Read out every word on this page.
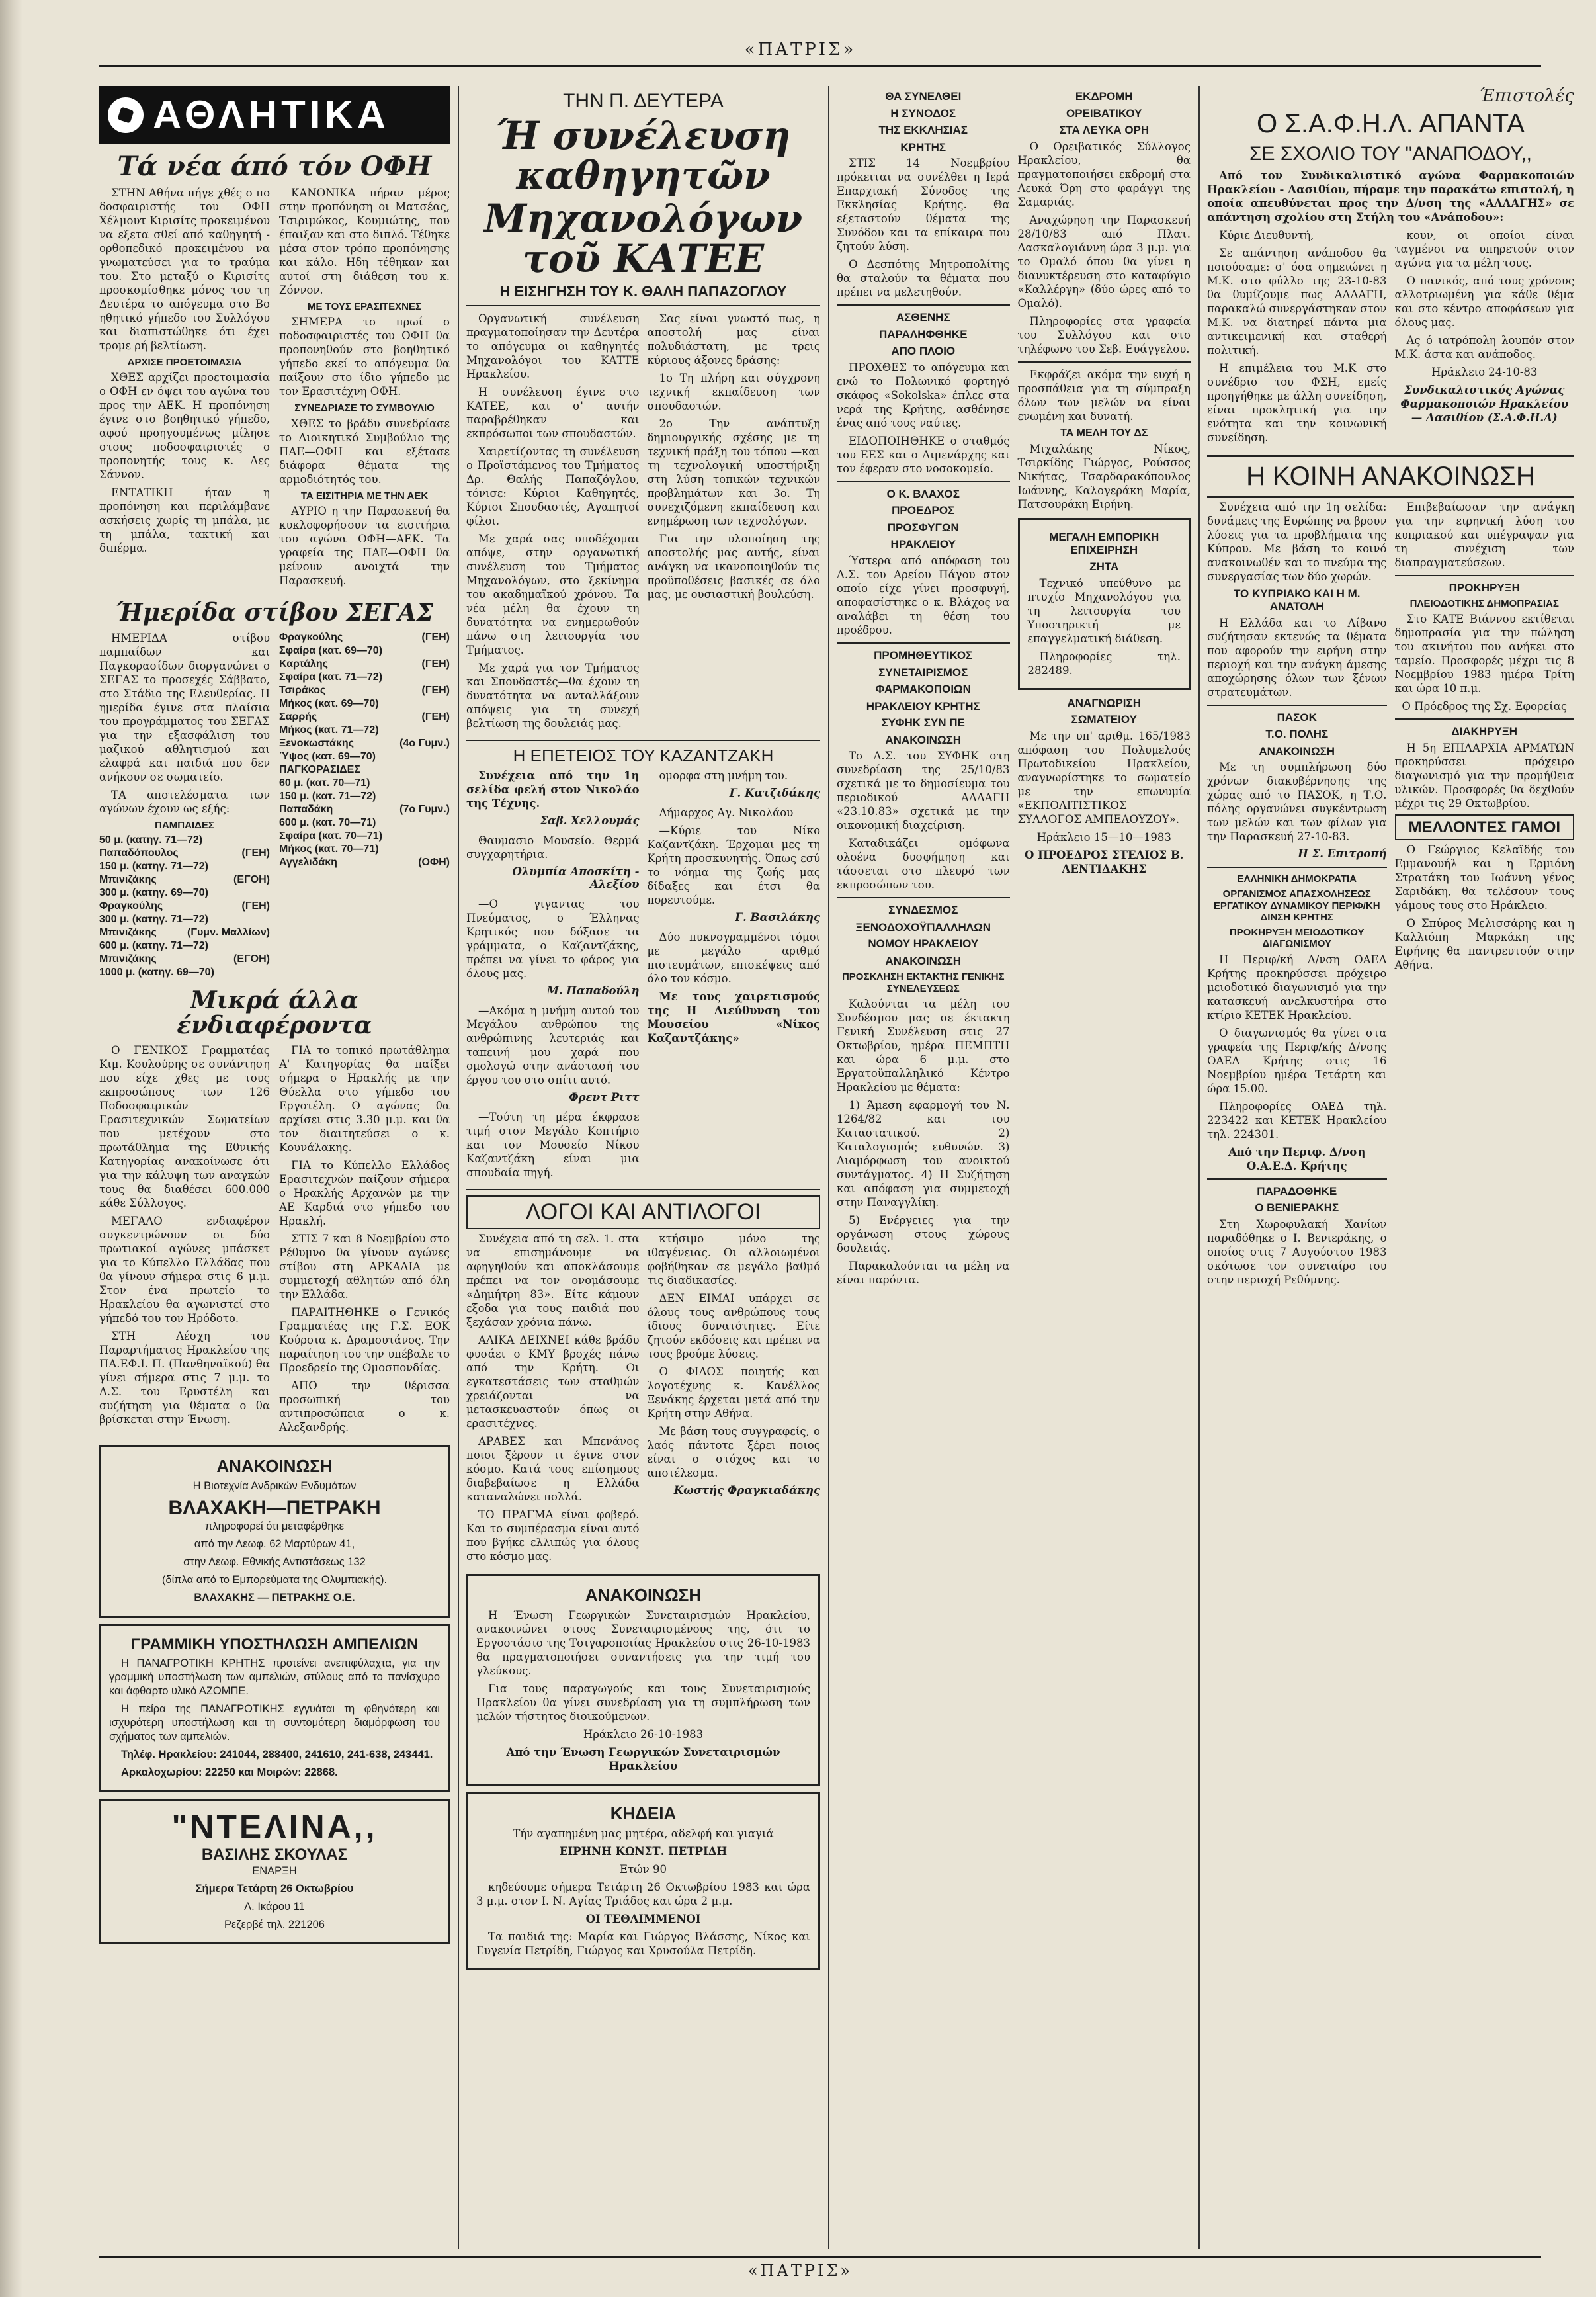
«ΠΑΤΡΙΣ»
ΑΘΛΗΤΙΚΑ
Τά νέα άπό τόν ΟΦΗ

ΣΤΗΝ Αθήνα πήγε χθές ο πο δοσφαιριστής του ΟΦΗ Χέλμουτ Κιρισίτς προκειμένου να εξετα σθεί από καθηγητή - ορθοπεδικό προκειμένου να γνωματεύσει για το τραύμα του. Στο μεταξύ ο Κιρισίτς προσκομίσθηκε μόνος του τη Δευτέρα το απόγευμα στο Βο ηθητικό γήπεδο του Συλλόγου και διαπιστώθηκε ότι έχει τρομε ρή βελτίωση.

ΑΡΧΙΣΕ ΠΡΟΕΤΟΙΜΑΣΙΑ

ΧΘΕΣ αρχίζει προετοιμασία ο ΟΦΗ εν όψει του αγώνα του προς την ΑΕΚ. Η προπόνηση έγινε στο βοηθητικό γήπεδο, αφού προηγουμένως μίλησε στους ποδοσφαιριστές ο προπονητής τους κ. Λες Σάννον.

ΕΝΤΑΤΙΚΗ ήταν η προπόνηση και περιλάμβανε ασκήσεις χωρίς τη μπάλα, με τη μπάλα, τακτική και διπέρμα.

ΚΑΝΟΝΙΚΑ πήραν μέρος στην προπόνηση οι Ματσέας, Τσιριμώκος, Κουμιώτης, που έπαιξαν και στο διπλό. Τέθηκε μέσα στον τρόπο προπόνησης και κάλο. Ηδη τέθηκαν και αυτοί στη διάθεση του κ. Ζόννον.

ΜΕ ΤΟΥΣ ΕΡΑΣΙΤΕΧΝΕΣ

ΣΗΜΕΡΑ το πρωί ο ποδοσφαιριστές του ΟΦΗ θα προπονηθούν στο βοηθητικό γήπεδο εκεί το απόγευμα θα παίξουν στο ίδιο γήπεδο με τον Ερασιτέχνη ΟΦΗ.

ΣΥΝΕΔΡΙΑΣΕ ΤΟ ΣΥΜΒΟΥΛΙΟ

ΧΘΕΣ το βράδυ συνεδρίασε το Διοικητικό Συμβούλιο της ΠΑΕ—ΟΦΗ και εξέτασε διάφορα θέματα της αρμοδιότητός του.

ΤΑ ΕΙΣΙΤΗΡΙΑ ΜΕ ΤΗΝ ΑΕΚ

ΑΥΡΙΟ η την Παρασκευή θα κυκλοφορήσουν τα εισιτήρια του αγώνα ΟΦΗ—ΑΕΚ. Τα γραφεία της ΠΑΕ—ΟΦΗ θα μείνουν ανοιχτά την Παρασκευή.

Ήμερίδα στίβου ΣΕΓΑΣ

ΗΜΕΡΙΔΑ στίβου παμπαίδων και Παγκορασίδων διοργανώνει ο ΣΕΓΑΣ το προσεχές Σάββατο, στο Στάδιο της Ελευθερίας. Η ημερίδα έγινε στα πλαίσια του προγράμματος του ΣΕΓΑΣ για την εξασφάλιση του μαζικού αθλητισμού και ελαφρά και παιδιά που δεν ανήκουν σε σωματείο.

ΤΑ αποτελέσματα των αγώνων έχουν ως εξής:

ΠΑΜΠΑΙΔΕΣ
50 μ. (κατηγ. 71—72)
Παπαδόπουλος	(ΓΕΗ)
150 μ. (κατηγ. 71—72)
Μπινιζάκης	(ΕΓΟΗ)
300 μ. (κατηγ. 69—70)
Φραγκούλης	(ΓΕΗ)
300 μ. (κατηγ. 71—72)
Μπινιζάκης	(Γυμν. Μαλλίων)
600 μ. (κατηγ. 71—72)
Μπινιζάκης	(ΕΓΟΗ)
1000 μ. (κατηγ. 69—70)
Φραγκούλης	(ΓΕΗ)
Σφαίρα (κατ. 69—70)
Καρτάλης	(ΓΕΗ)
Σφαίρα (κατ. 71—72)
Τσιράκος	(ΓΕΗ)
Μήκος (κατ. 69—70)
Σαρρής	(ΓΕΗ)
Μήκος (κατ. 71—72)
Ξενοκωστάκης	(4ο Γυμν.)
Ύψος (κατ. 69—70)
ΠΑΓΚΟΡΑΣΙΔΕΣ
60 μ. (κατ. 70—71)
150 μ. (κατ. 71—72)
Παπαδάκη	(7ο Γυμν.)
600 μ. (κατ. 70—71)
Σφαίρα (κατ. 70—71)
Μήκος (κατ. 70—71)
Αγγελιδάκη	(ΟΦΗ)
Μικρά άλλα ένδιαφέροντα

Ο ΓΕΝΙΚΟΣ Γραμματέας Κιμ. Κουλούρης σε συνάντηση που είχε χθες με τους εκπροσώπους των 126 Ποδοσφαιρικών Ερασιτεχνικών Σωματείων που μετέχουν στο πρωτάθλημα της Εθνικής Κατηγορίας ανακοίνωσε ότι για την κάλυψη των αναγκών τους θα διαθέσει 600.000 κάθε Σύλλογος.

ΜΕΓΑΛΟ ενδιαφέρον συγκεντρώνουν οι δύο πρωτιακοί αγώνες μπάσκετ για το Κύπελλο Ελλάδας που θα γίνουν σήμερα στις 6 μ.μ. Στον ένα πρωτείο το Ηρακλείου θα αγωνιστεί στο γήπεδό του τον Ηρόδοτο.

ΣΤΗ Λέσχη του Παραρτήματος Ηρακλείου της ΠΑ.ΕΦ.Ι. Π. (Πανθηναϊκού) θα γίνει σήμερα στις 7 μ.μ. το Δ.Σ. του Ερυστέλη και συζήτηση για θέματα ο θα βρίσκεται στην Ένωση.

ΓΙΑ το τοπικό πρωτάθλημα Α' Κατηγορίας θα παίξει σήμερα ο Ηρακλής με την Θύελλα στο γήπεδο του Εργοτέλη. Ο αγώνας θα αρχίσει στις 3.30 μ.μ. και θα τον διαιτητεύσει ο κ. Κουνάλακης.

ΓΙΑ το Κύπελλο Ελλάδος Ερασιτεχνών παίζουν σήμερα ο Ηρακλής Αρχανών με την ΑΕ Καρδιά στο γήπεδο του Ηρακλή.

ΣΤΙΣ 7 και 8 Νοεμβρίου στο Ρέθυμνο θα γίνουν αγώνες στίβου στη ΑΡΚΑΔΙΑ με συμμετοχή αθλητών από όλη την Ελλάδα.

ΠΑΡΑΙΤΗΘΗΚΕ ο Γενικός Γραμματέας της Γ.Σ. ΕΟΚ Κούρσια κ. Δραμουτάνος. Την παραίτηση του την υπέβαλε το Προεδρείο της Ομοσπονδίας.

ΑΠΟ την θέρισσα προσωπική του αντιπροσώπεια ο κ. Αλεξανδρής.

ΑΝΑΚΟΙΝΩΣΗ

Η Βιοτεχνία Ανδρικών Ενδυμάτων

ΒΛΑΧΑΚΗ—ΠΕΤΡΑΚΗ

πληροφορεί ότι μεταφέρθηκε

από την Λεωφ. 62 Μαρτύρων 41,

στην Λεωφ. Εθνικής Αντιστάσεως 132

(δίπλα από το Εμπορεύματα της Ολυμπιακής).

ΒΛΑΧΑΚΗΣ — ΠΕΤΡΑΚΗΣ Ο.Ε.

ΓΡΑΜΜΙΚΗ ΥΠΟΣΤΗΛΩΣΗ ΑΜΠΕΛΙΩΝ

Η ΠΑΝΑΓΡΟΤΙΚΗ ΚΡΗΤΗΣ προτείνει ανεπιφύλαχτα, για την γραμμική υποστήλωση των αμπελιών, στύλους από το πανίσχυρο και άφθαρτο υλικό ΑΖΟΜΠΕ.

Η πείρα της ΠΑΝΑΓΡΟΤΙΚΗΣ εγγυάται τη φθηνότερη και ισχυρότερη υποστήλωση και τη συντομότερη διαμόρφωση του σχήματος των αμπελιών.

Τηλέφ. Ηρακλείου: 241044, 288400, 241610, 241-638, 243441.

Αρκαλοχωρίου: 22250 και Μοιρών: 22868.

"ΝΤΕΛΙΝΑ,,
ΒΑΣΙΛΗΣ ΣΚΟΥΛΑΣ

ΕΝΑΡΞΗ

Σήμερα Τετάρτη 26 Οκτωβρίου

Λ. Ικάρου 11

Ρεζερβέ τηλ. 221206

ΤΗΝ Π. ΔΕΥΤΕΡΑ
Ή συνέλευση καθηγητῶν
Μηχανολόγων τοῦ ΚΑΤΕΕ
Η ΕΙΣΗΓΗΣΗ ΤΟΥ Κ. ΘΑΛΗ ΠΑΠΑΖΟΓΛΟΥ

Οργανωτική συνέλευση πραγματοποίησαν την Δευτέρα το απόγευμα οι καθηγητές Μηχανολόγοι του ΚΑΤΤΕ Ηρακλείου.

Η συνέλευση έγινε στο ΚΑΤΕΕ, και σ' αυτήν παραβρέθηκαν και εκπρόσωποι των σπουδαστών.

Χαιρετίζοντας τη συνέλευση ο Προϊστάμενος του Τμήματος Δρ. Θαλής Παπαζόγλου, τόνισε: Κύριοι Καθηγητές, Κύριοι Σπουδαστές, Αγαπητοί φίλοι.

Με χαρά σας υποδέχομαι απόψε, στην οργανωτική συνέλευση του Τμήματος Μηχανολόγων, στο ξεκίνημα του ακαδημαϊκού χρόνου. Τα νέα μέλη θα έχουν τη δυνατότητα να ενημερωθούν πάνω στη λειτουργία του Τμήματος.

Με χαρά για τον Τμήματος και Σπουδαστές—θα έχουν τη δυνατότητα να ανταλλάξουν απόψεις για τη συνεχή βελτίωση της δουλειάς μας.

Σας είναι γνωστό πως, η αποστολή μας είναι πολυδιάστατη, με τρεις κύριους άξονες δράσης:

1ο Τη πλήρη και σύγχρονη τεχνική εκπαίδευση των σπουδαστών.

2ο Την ανάπτυξη δημιουργικής σχέσης με τη τεχνική πράξη του τόπου —και τη τεχνολογική υποστήριξη στη λύση τοπικών τεχνικών προβλημάτων και 3ο. Τη συνεχιζόμενη εκπαίδευση και ενημέρωση των τεχνολόγων.

Για την υλοποίηση της αποστολής μας αυτής, είναι ανάγκη να ικανοποιηθούν τις προϋποθέσεις βασικές σε όλο μας, με ουσιαστική βουλεύση.

Η ΕΠΕΤΕΙΟΣ ΤΟΥ ΚΑΖΑΝΤΖΑΚΗ

Συνέχεια από την 1η σελίδα φελή στον Νικολάο της Τέχνης.

Σαβ. Χελλουμάς

Θαυμασιο Μουσείο. Θερμά συγχαρητήρια.

Ολυμπία Αποσκίτη - Αλεξίου

—Ο γιγαντας του Πνεύματος, ο Έλληνας Κρητικός που δόξασε τα γράμματα, ο Καζαντζάκης, πρέπει να γίνει το φάρος για όλους μας.

Μ. Παπαδούλη

—Ακόμα η μνήμη αυτού του Μεγάλου ανθρώπου της ανθρώπινης λευτεριάς και ταπεινή μου χαρά που ομολογώ στην ανάστασή του έργου του στο σπίτι αυτό.

Φρεντ Ριττ

—Τούτη τη μέρα έκφρασε τιμή στον Μεγάλο Κοπτήριο και τον Μουσείο Νίκου Καζαντζάκη είναι μια σπουδαία πηγή.

ομορφα στη μνήμη του.

Γ. Κατζιδάκης

Δήμαρχος Αγ. Νικολάου

—Κύριε του Νίκο Καζαντζάκη. Έρχομαι μες τη Κρήτη προσκυνητής. Όπως εσύ το νόημα της ζωής μας δίδαξες και έτσι θα πορευτούμε.

Γ. Βασιλάκης

Δύο πυκνογραμμένοι τόμοι με μεγάλο αριθμό πιστευμάτων, επισκέψεις από όλο τον κόσμο.

Με τους χαιρετισμούς της Η Διεύθυνση του Μουσείου «Νίκος Καζαντζάκης»

ΛΟΓΟΙ ΚΑΙ ΑΝΤΙΛΟΓΟΙ

Συνέχεια από τη σελ. 1. στα να επισημάνουμε να αφηγηθούν και αποκλάσουμε πρέπει να τον ονομάσουμε «Δημήτρη 83». Είτε κάμουν εξοδα για τους παιδιά που ξεχάσαν χρόνια πάνω.

ΑΛΙΚΑ ΔΕΙΧΝΕΙ κάθε βράδυ φυσάει ο ΚΜΥ βροχές πάνω από την Κρήτη. Οι εγκατεστάσεις των σταθμών χρειάζονται να μετασκευαστούν όπως οι ερασιτέχνες.

ΑΡΑΒΕΣ και Μπενάνος ποιοι ξέρουν τι έγινε στον κόσμο. Κατά τους επίσημους διαβεβαίωσε η Ελλάδα καταναλώνει πολλά.

ΤΟ ΠΡΑΓΜΑ είναι φοβερό. Και το συμπέρασμα είναι αυτό που βγήκε ελλιπώς για όλους στο κόσμο μας.

κτήσιμο μόνο της ιθαγένειας. Οι αλλοιωμένοι φοβήθηκαν σε μεγάλο βαθμό τις διαδικασίες.

ΔΕΝ ΕΙΜΑΙ υπάρχει σε όλους τους ανθρώπους τους ίδιους δυνατότητες. Είτε ζητούν εκδόσεις και πρέπει να τους βρούμε λύσεις.

Ο ΦΙΛΟΣ ποιητής και λογοτέχνης κ. Κανέλλος Ξενάκης έρχεται μετά από την Κρήτη στην Αθήνα.

Με βάση τους συγγραφείς, ο λαός πάντοτε ξέρει ποιος είναι ο στόχος και το αποτέλεσμα.

Κωστής Φραγκιαδάκης
ΑΝΑΚΟΙΝΩΣΗ

Η Ένωση Γεωργικών Συνεταιρισμών Ηρακλείου, ανακοινώνει στους Συνεταιρισμένους της, ότι το Εργοστάσιο της Τσιγαροποιίας Ηρακλείου στις 26-10-1983 θα πραγματοποιήσει συναντήσεις για την τιμή του γλεύκους.

Για τους παραγωγούς και τους Συνεταιρισμούς Ηρακλείου θα γίνει συνεδρίαση για τη συμπλήρωση των μελών τήστητος διοικούμενων.

Ηράκλειο 26-10-1983

Από την Ένωση Γεωργικών Συνεταιρισμών Ηρακλείου

ΚΗΔΕΙΑ

Τήν αγαπημένη μας μητέρα, αδελφή και γιαγιά

ΕΙΡΗΝΗ ΚΩΝΣΤ. ΠΕΤΡΙΔΗ

Ετών 90

κηδεύουμε σήμερα Τετάρτη 26 Οκτωβρίου 1983 και ώρα 3 μ.μ. στον Ι. Ν. Αγίας Τριάδος και ώρα 2 μ.μ.

ΟΙ ΤΕΘΛΙΜΜΕΝΟΙ

Τα παιδιά της: Μαρία και Γιώργος Βλάσσης, Νίκος και Ευγενία Πετρίδη, Γιώργος και Χρυσούλα Πετρίδη.

ΘΑ ΣΥΝΕΛΘΕΙ
Η ΣΥΝΟΔΟΣ
ΤΗΣ ΕΚΚΛΗΣΙΑΣ
ΚΡΗΤΗΣ

ΣΤΙΣ 14 Νοεμβρίου πρόκειται να συνέλθει η Ιερά Επαρχιακή Σύνοδος της Εκκλησίας Κρήτης. Θα εξεταστούν θέματα της Συνόδου και τα επίκαιρα που ζητούν λύση.

Ο Δεσπότης Μητροπολίτης θα σταλούν τα θέματα που πρέπει να μελετηθούν.

ΑΣΘΕΝΗΣ
ΠΑΡΑΛΗΦΘΗΚΕ
ΑΠΟ ΠΛΟΙΟ

ΠΡΟΧΘΕΣ το απόγευμα και ενώ το Πολωνικό φορτηγό σκάφος «Sokolska» έπλεε στα νερά της Κρήτης, ασθένησε ένας από τους ναύτες.

ΕΙΔΟΠΟΙΗΘΗΚΕ ο σταθμός του ΕΕΣ και ο Λιμενάρχης και τον έφεραν στο νοσοκομείο.

Ο Κ. ΒΛΑΧΟΣ
ΠΡΟΕΔΡΟΣ
ΠΡΟΣΦΥΓΩΝ
ΗΡΑΚΛΕΙΟΥ

Ύστερα από απόφαση του Δ.Σ. του Αρείου Πάγου στον οποίο είχε γίνει προσφυγή, αποφασίστηκε ο κ. Βλάχος να αναλάβει τη θέση του προέδρου.

ΠΡΟΜΗΘΕΥΤΙΚΟΣ
ΣΥΝΕΤΑΙΡΙΣΜΟΣ
ΦΑΡΜΑΚΟΠΟΙΩΝ
ΗΡΑΚΛΕΙΟΥ ΚΡΗΤΗΣ
ΣΥΦΗΚ ΣΥΝ ΠΕ
ΑΝΑΚΟΙΝΩΣΗ

Το Δ.Σ. του ΣΥΦΗΚ στη συνεδρίαση της 25/10/83 σχετικά με το δημοσίευμα του περιοδικού ΑΛΛΑΓΗ «23.10.83» σχετικά με την οικονομική διαχείριση.

Καταδικάζει ομόφωνα ολοένα δυσφήμηση και τάσσεται στο πλευρό των εκπροσώπων του.

ΣΥΝΔΕΣΜΟΣ
ΞΕΝΟΔΟΧΟΫΠΑΛΛΗΛΩΝ
ΝΟΜΟΥ ΗΡΑΚΛΕΙΟΥ
ΑΝΑΚΟΙΝΩΣΗ
ΠΡΟΣΚΛΗΣΗ ΕΚΤΑΚΤΗΣ ΓΕΝΙΚΗΣ ΣΥΝΕΛΕΥΣΕΩΣ

Καλούνται τα μέλη του Συνδέσμου μας σε έκτακτη Γενική Συνέλευση στις 27 Οκτωβρίου, ημέρα ΠΕΜΠΤΗ και ώρα 6 μ.μ. στο Εργατοϋπαλληλικό Κέντρο Ηρακλείου με θέματα:

1) Άμεση εφαρμογή του Ν. 1264/82 και του Καταστατικού. 2) Καταλογισμός ευθυνών. 3) Διαμόρφωση του ανοικτού συντάγματος. 4) Η Συζήτηση και απόφαση για συμμετοχή στην Παναγγλίκη.

5) Ενέργειες για την οργάνωση στους χώρους δουλειάς.

Παρακαλούνται τα μέλη να είναι παρόντα.

ΕΚΔΡΟΜΗ
ΟΡΕΙΒΑΤΙΚΟΥ
ΣΤΑ ΛΕΥΚΑ ΟΡΗ

Ο Ορειβατικός Σύλλογος Ηρακλείου, θα πραγματοποιήσει εκδρομή στα Λευκά Όρη στο φαράγγι της Σαμαριάς.

Αναχώρηση την Παρασκευή 28/10/83 από Πλατ. Δασκαλογιάννη ώρα 3 μ.μ. για το Ομαλό όπου θα γίνει η διανυκτέρευση στο καταφύγιο «Καλλέργη» (δύο ώρες από το Ομαλό).

Πληροφορίες στα γραφεία του Συλλόγου και στο τηλέφωνο του Σεβ. Ευάγγελου.

Εκφράζει ακόμα την ευχή η προσπάθεια για τη σύμπραξη όλων των μελών να είναι ενωμένη και δυνατή.

ΤΑ ΜΕΛΗ ΤΟΥ ΔΣ

Μιχαλάκης Νίκος, Τσιρκίδης Γιώργος, Ρούσσος Νικήτας, Τσαρδαρακόπουλος Ιωάννης, Καλογεράκη Μαρία, Πατσουράκη Ειρήνη.

ΜΕΓΑΛΗ ΕΜΠΟΡΙΚΗ ΕΠΙΧΕΙΡΗΣΗ
ΖΗΤΑ

Τεχνικό υπεύθυνο με πτυχίο Μηχανολόγου για τη λειτουργία του Υποστηρικτή με επαγγελματική διάθεση.

Πληροφορίες τηλ. 282489.

ΑΝΑΓΝΩΡΙΣΗ
ΣΩΜΑΤΕΙΟΥ

Με την υπ' αριθμ. 165/1983 απόφαση του Πολυμελούς Πρωτοδικείου Ηρακλείου, αναγνωρίστηκε το σωματείο με την επωνυμία «ΕΚΠΟΛΙΤΙΣΤΙΚΟΣ ΣΥΛΛΟΓΟΣ ΑΜΠΕΛΟΥΖΟΥ».

Ηράκλειο 15—10—1983

Ο ΠΡΟΕΔΡΟΣ ΣΤΕΛΙΟΣ Β. ΛΕΝΤΙΔΑΚΗΣ

Έπιστολές
Ο Σ.Α.Φ.Η.Λ. ΑΠΑΝΤΑ
ΣΕ ΣΧΟΛΙΟ ΤΟΥ "ΑΝΑΠΟΔΟΥ,,

Από τον Συνδικαλιστικό αγώνα Φαρμακοποιών Ηρακλείου - Λασιθίου, πήραμε την παρακάτω επιστολή, η οποία απευθύνεται προς την Δ/νση της «ΑΛΛΑΓΗΣ» σε απάντηση σχολίου στη Στήλη του «Ανάποδου»:

Κύριε Διευθυντή,

Σε απάντηση ανάποδου θα ποιούσαμε: σ' όσα σημειώνει η Μ.Κ. στο φύλλο της 23-10-83 θα θυμίζουμε πως ΑΛΛΑΓΗ, παρακαλώ συνεργάστηκαν στον Μ.Κ. να διατηρεί πάντα μια αντικειμενική και σταθερή πολιτική.

Η επιμέλεια του Μ.Κ στο συνέδριο του ΦΣΗ, εμείς προηγήθηκε με άλλη συνείδηση, είναι προκλητική για την ενότητα και την κοινωνική συνείδηση.

κουν, οι οποίοι είναι ταγμένοι να υπηρετούν στον αγώνα για τα μέλη τους.

Ο πανικός, από τους χρόνους αλλοτριωμένη για κάθε θέμα και στο κέντρο αποφάσεων για όλους μας.

Ας ό ιατρόπολη λουπόν στον Μ.Κ. άστα και ανάποδος.

Ηράκλειο 24-10-83

Συνδικαλιστικός Αγώνας Φαρμακοποιών Ηρακλείου — Λασιθίου (Σ.Α.Φ.Η.Λ)

Η ΚΟΙΝΗ ΑΝΑΚΟΙΝΩΣΗ

Συνέχεια από την 1η σελίδα: δυνάμεις της Ευρώπης να βρουν λύσεις για τα προβλήματα της Κύπρου. Με βάση το κοινό ανακοινωθέν και το πνεύμα της συνεργασίας των δύο χωρών.

ΤΟ ΚΥΠΡΙΑΚΟ ΚΑΙ Η Μ. ΑΝΑΤΟΛΗ

Η Ελλάδα και το Λίβανο συζήτησαν εκτενώς τα θέματα που αφορούν την ειρήνη στην περιοχή και την ανάγκη άμεσης αποχώρησης όλων των ξένων στρατευμάτων.

ΠΑΣΟΚ
Τ.Ο. ΠΟΛΗΣ
ΑΝΑΚΟΙΝΩΣΗ

Με τη συμπλήρωση δύο χρόνων διακυβέρνησης της χώρας από το ΠΑΣΟΚ, η Τ.Ο. πόλης οργανώνει συγκέντρωση των μελών και των φίλων για την Παρασκευή 27-10-83.

Η Σ. Επιτροπή
ΕΛΛΗΝΙΚΗ ΔΗΜΟΚΡΑΤΙΑ
ΟΡΓΑΝΙΣΜΟΣ ΑΠΑΣΧΟΛΗΣΕΩΣ ΕΡΓΑΤΙΚΟΥ ΔΥΝΑΜΙΚΟΥ ΠΕΡΙΦ/ΚΗ ΔΙΝΣΗ ΚΡΗΤΗΣ
ΠΡΟΚΗΡΥΞΗ ΜΕΙΟΔΟΤΙΚΟΥ ΔΙΑΓΩΝΙΣΜΟΥ

Η Περιφ/κή Δ/νση ΟΑΕΔ Κρήτης προκηρύσσει πρόχειρο μειοδοτικό διαγωνισμό για την κατασκευή ανελκυστήρα στο κτίριο ΚΕΤΕΚ Ηρακλείου.

Ο διαγωνισμός θα γίνει στα γραφεία της Περιφ/κής Δ/νσης ΟΑΕΔ Κρήτης στις 16 Νοεμβρίου ημέρα Τετάρτη και ώρα 15.00.

Πληροφορίες ΟΑΕΔ τηλ. 223422 και ΚΕΤΕΚ Ηρακλείου τηλ. 224301.

Από την Περιφ. Δ/νση Ο.Α.Ε.Δ. Κρήτης

ΠΑΡΑΔΟΘΗΚΕ
Ο ΒΕΝΙΕΡΑΚΗΣ

Στη Χωροφυλακή Χανίων παραδόθηκε ο Ι. Βενιεράκης, ο οποίος στις 7 Αυγούστου 1983 σκότωσε τον συνεταίρο του στην περιοχή Ρεθύμνης.

Επιβεβαίωσαν την ανάγκη για την ειρηνική λύση του κυπριακού και υπέγραψαν για τη συνέχιση των διαπραγματεύσεων.

ΠΡΟΚΗΡΥΞΗ
ΠΛΕΙΟΔΟΤΙΚΗΣ ΔΗΜΟΠΡΑΣΙΑΣ

Στο ΚΑΤΕ Βιάννου εκτίθεται δημοπρασία για την πώληση του ακινήτου που ανήκει στο ταμείο. Προσφορές μέχρι τις 8 Νοεμβρίου 1983 ημέρα Τρίτη και ώρα 10 π.μ.

Ο Πρόεδρος της Σχ. Εφορείας

ΔΙΑΚΗΡΥΞΗ

Η 5η ΕΠΙΛΑΡΧΙΑ ΑΡΜΑΤΩΝ προκηρύσσει πρόχειρο διαγωνισμό για την προμήθεια υλικών. Προσφορές θα δεχθούν μέχρι τις 29 Οκτωβρίου.

ΜΕΛΛΟΝΤΕΣ ΓΑΜΟΙ

Ο Γεώργιος Κελαϊδής του Εμμανουήλ και η Ερμιόνη Στρατάκη του Ιωάννη γένος Σαριδάκη, θα τελέσουν τους γάμους τους στο Ηράκλειο.

Ο Σπύρος Μελισσάρης και η Καλλιόπη Μαρκάκη της Ειρήνης θα παντρευτούν στην Αθήνα.

«ΠΑΤΡΙΣ»
